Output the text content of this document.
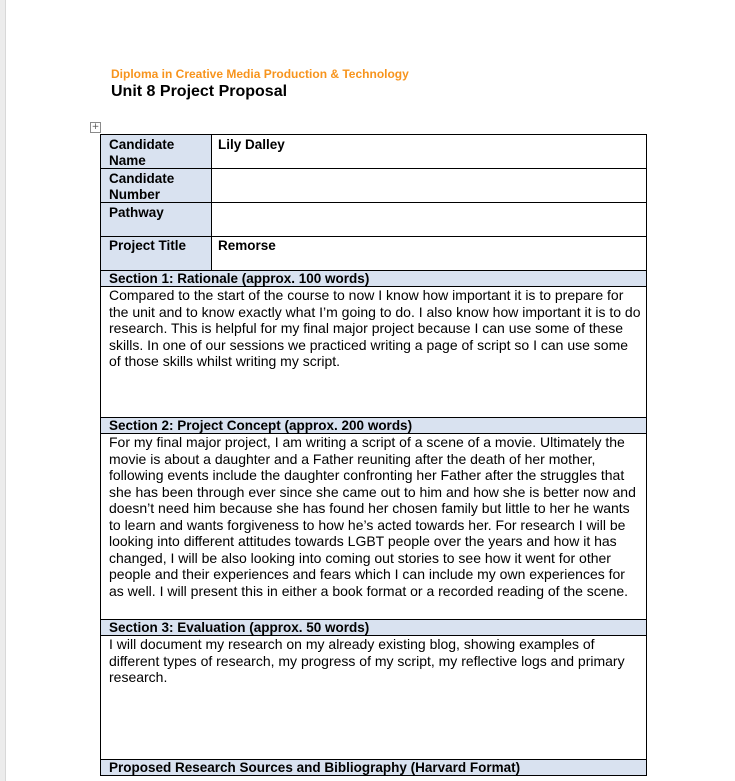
Diploma in Creative Media Production & Technology
Unit 8 Project Proposal
+
Candidate Name
Lily Dalley
Candidate Number
Pathway
Project Title	Remorse
Section 1: Rationale (approx. 100 words)
Compared to the start of the course to now I know how important it is to prepare for the unit and to know exactly what I’m going to do. I also know how important it is to do research. This is helpful for my final major project because I can use some of these skills. In one of our sessions we practiced writing a page of script so I can use some of those skills whilst writing my script.
Section 2: Project Concept (approx. 200 words)
For my final major project, I am writing a script of a scene of a movie. Ultimately the movie is about a daughter and a Father reuniting after the death of her mother, following events include the daughter confronting her Father after the struggles that she has been through ever since she came out to him and how she is better now and doesn’t need him because she has found her chosen family but little to her he wants to learn and wants forgiveness to how he’s acted towards her. For research I will be looking into different attitudes towards LGBT people over the years and how it has changed, I will be also looking into coming out stories to see how it went for other people and their experiences and fears which I can include my own experiences for as well. I will present this in either a book format or a recorded reading of the scene.
Section 3: Evaluation (approx. 50 words)
I will document my research on my already existing blog, showing examples of different types of research, my progress of my script, my reflective logs and primary research.
Proposed Research Sources and Bibliography (Harvard Format)
